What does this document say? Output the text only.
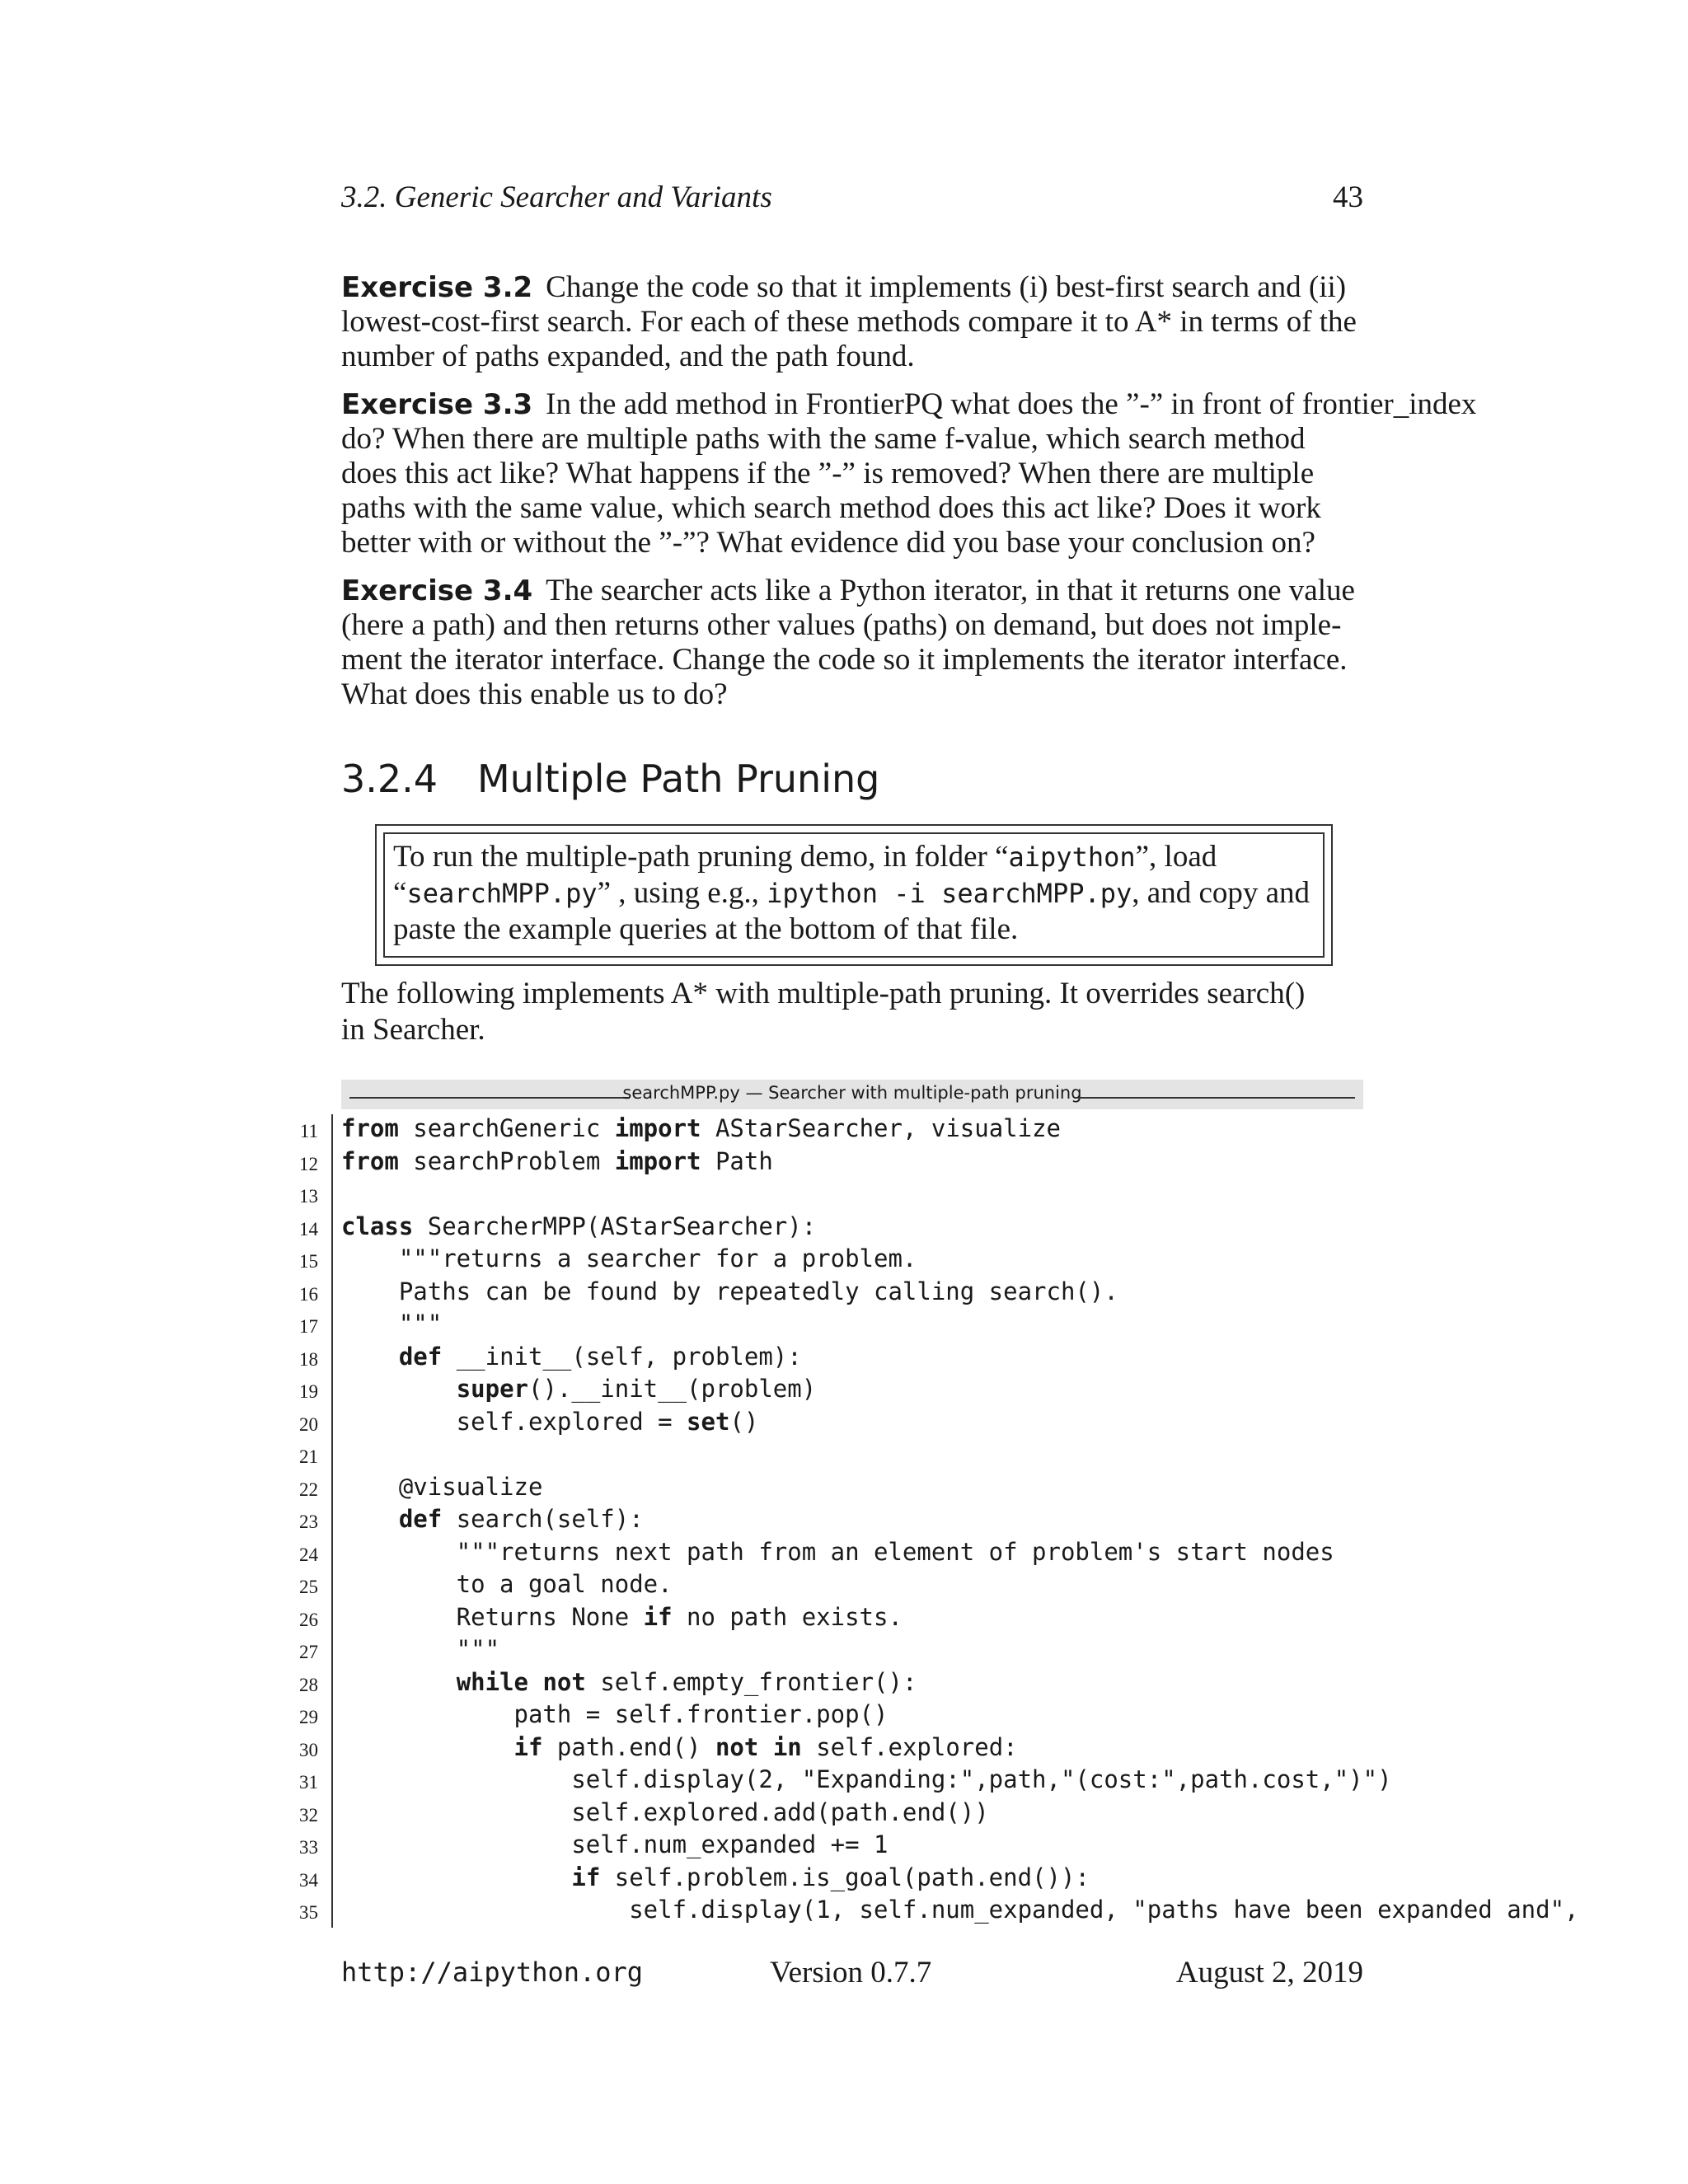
3.2. Generic Searcher and Variants	43
Exercise 3.2 Change the code so that it implements (i) best-first search and (ii)
lowest-cost-first search. For each of these methods compare it to A* in terms of the
number of paths expanded, and the path found.
Exercise 3.3 In the add method in FrontierPQ what does the ”-” in front of frontier_index
do? When there are multiple paths with the same f-value, which search method
does this act like? What happens if the ”-” is removed? When there are multiple
paths with the same value, which search method does this act like? Does it work
better with or without the ”-”? What evidence did you base your conclusion on?
Exercise 3.4 The searcher acts like a Python iterator, in that it returns one value
(here a path) and then returns other values (paths) on demand, but does not imple-
ment the iterator interface. Change the code so it implements the iterator interface.
What does this enable us to do?
3.2.4 Multiple Path Pruning
To run the multiple-path pruning demo, in folder “aipython”, load
“searchMPP.py” , using e.g., ipython -i searchMPP.py, and copy and
paste the example queries at the bottom of that file.
The following implements A* with multiple-path pruning. It overrides search()
in Searcher.
searchMPP.py — Searcher with multiple-path pruning
11 from searchGeneric import AStarSearcher, visualize
12 from searchProblem import Path
13
14 class SearcherMPP(AStarSearcher):
15 """returns a searcher for a problem.
16 Paths can be found by repeatedly calling search().
17 """
18	def __init__(self, problem):
19	super().__init__(problem)
20 self.explored = set()
21
22 @visualize
23	def search(self):
24 """returns next path from an element of problem's start nodes
25 to a goal node.
26 Returns None if no path exists.
27 """
28	while not self.empty_frontier():
29 path = self.frontier.pop()
30	if path.end() not in self.explored:
31 self.display(2, "Expanding:",path,"(cost:",path.cost,")")
32 self.explored.add(path.end())
33 self.num_expanded += 1
34	if self.problem.is_goal(path.end()):
35 self.display(1, self.num_expanded, "paths have been expanded and",
http://aipython.org	Version 0.7.7	August 2, 2019
